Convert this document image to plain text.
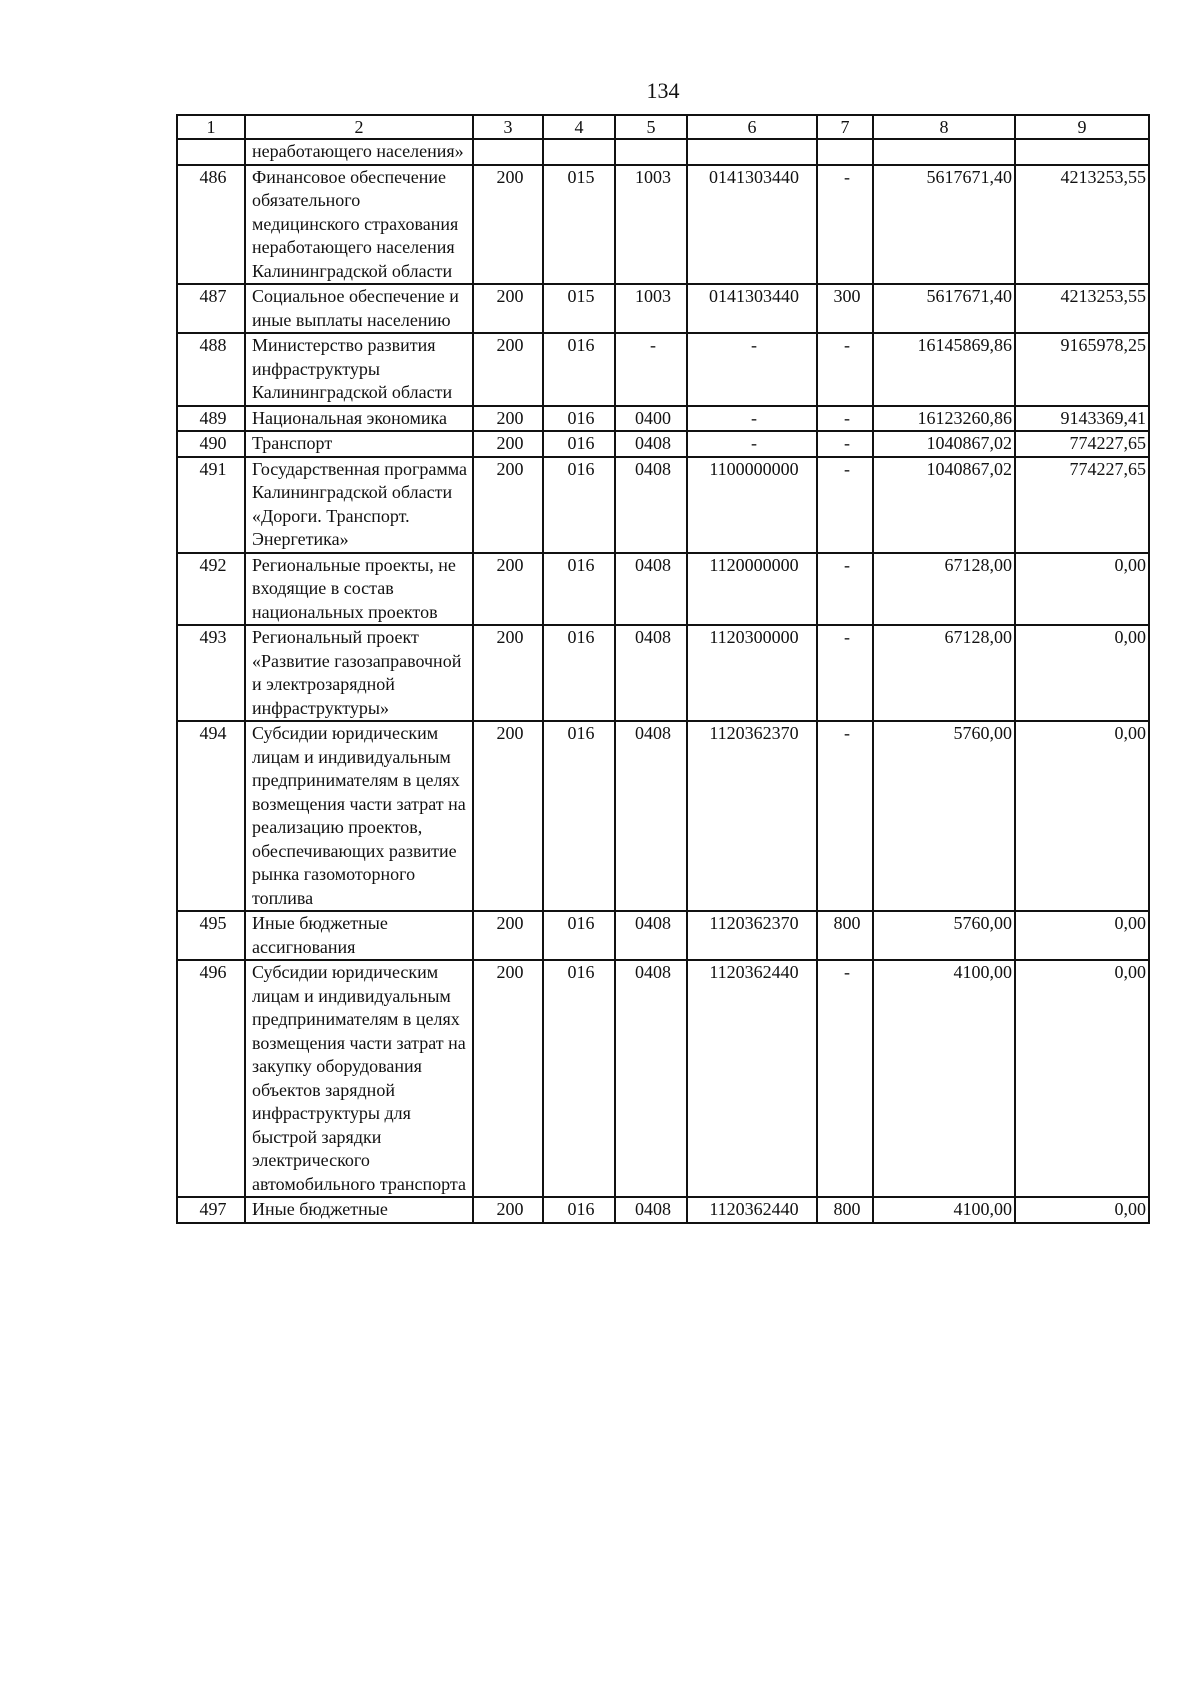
134
1	2	3	4	5	6	7	8	9
	неработающего населения»							
486	Финансовое обеспечение обязательного медицинского страхования неработающего населения Калининградской области	200	015	1003	0141303440	-	5617671,40	4213253,55
487	Социальное обеспечение и иные выплаты населению	200	015	1003	0141303440	300	5617671,40	4213253,55
488	Министерство развития инфраструктуры Калининградской области	200	016	-	-	-	16145869,86	9165978,25
489	Национальная экономика	200	016	0400	-	-	16123260,86	9143369,41
490	Транспорт	200	016	0408	-	-	1040867,02	774227,65
491	Государственная программа Калининградской области «Дороги. Транспорт. Энергетика»	200	016	0408	1100000000	-	1040867,02	774227,65
492	Региональные проекты, не входящие в состав национальных проектов	200	016	0408	1120000000	-	67128,00	0,00
493	Региональный проект «Развитие газозаправочной и электрозарядной инфраструктуры»	200	016	0408	1120300000	-	67128,00	0,00
494	Субсидии юридическим лицам и индивидуальным предпринимателям в целях возмещения части затрат на реализацию проектов, обеспечивающих развитие рынка газомоторного топлива	200	016	0408	1120362370	-	5760,00	0,00
495	Иные бюджетные ассигнования	200	016	0408	1120362370	800	5760,00	0,00
496	Субсидии юридическим лицам и индивидуальным предпринимателям в целях возмещения части затрат на закупку оборудования объектов зарядной инфраструктуры для быстрой зарядки электрического автомобильного транспорта	200	016	0408	1120362440	-	4100,00	0,00
497	Иные бюджетные	200	016	0408	1120362440	800	4100,00	0,00
